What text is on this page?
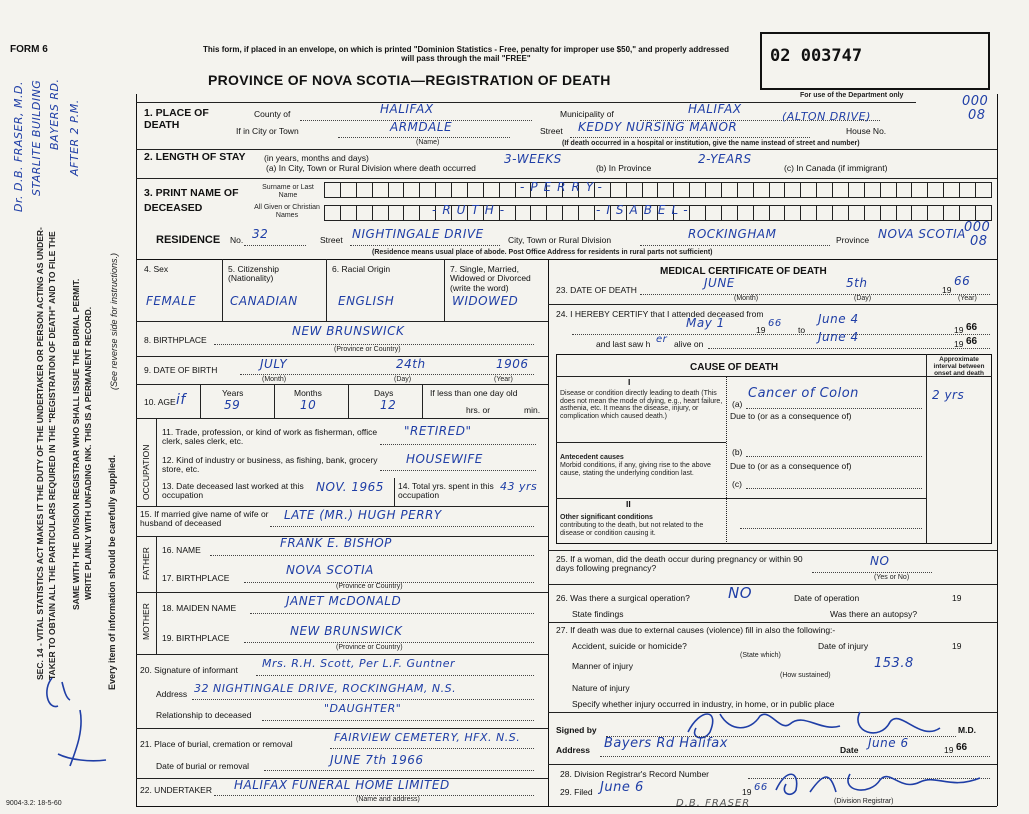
FORM 6
Dr. D.B. FRASER, M.D. STARLITE BUILDING BAYERS RD. AFTER 2 P.M.
SEC. 14 - VITAL STATISTICS ACT MAKES IT THE DUTY OF THE UNDERTAKER OR PERSON ACTING AS UNDER- TAKER TO OBTAIN ALL THE PARTICULARS REQUIRED IN THE "REGISTRATION OF DEATH" AND TO FILE THE SAME WITH THE DIVISION REGISTRAR WHO SHALL ISSUE THE BURIAL PERMIT. WRITE PLAINLY WITH UNFADING INK. THIS IS A PERMANENT RECORD. Every item of information should be carefully supplied.
(See reverse side for instructions.)
9004-3.2: 18-5-60
This form, if placed in an envelope, on which is printed "Dominion Statistics - Free, penalty for improper use $50," and properly addressed will pass through the mail "FREE"
PROVINCE OF NOVA SCOTIA—REGISTRATION OF DEATH
02 003747
For use of the Department only	000
08
000
08
1. PLACE OF DEATH
County of	HALIFAX	Municipality of	HALIFAX
If in City or Town	ARMDALE
(Name)
Street KEDDY NURSING MANOR
(ALTON DRIVE)
House No.
(If death occurred in a hospital or institution, give the name instead of street and number)
2. LENGTH OF STAY (in years, months and days)
(a) In City, Town or Rural Division where death occurred
3-WEEKS
(b) In Province
2-YEARS
(c) In Canada (if immigrant)
3. PRINT NAME OF DECEASED
Surname or Last Name
All Given or Christian Names
-PERRY-
-RUTH-	-ISABEL-
RESIDENCE No. 32	Street NIGHTINGALE DRIVE	City, Town or Rural Division	ROCKINGHAM	Province NOVA SCOTIA
(Residence means usual place of abode. Post Office Address for residents in rural parts not sufficient)
4. Sex
FEMALE
5. Citizenship (Nationality)
CANADIAN
6. Racial Origin
ENGLISH
7. Single, Married, Widowed or Divorced (write the word)
WIDOWED
8. BIRTHPLACE
NEW BRUNSWICK
(Province or Country)
9. DATE OF BIRTH	JULY	24th	1906
(Month)	(Day)	(Year)
10. AGE if	Years
59
Months
10
Days
12
If less than one day old
hrs. or	min.
OCCUPATION
11. Trade, profession, or kind of work as fisherman, office clerk, sales clerk, etc.
"RETIRED"
12. Kind of industry or business, as fishing, bank, grocery store, etc.
HOUSEWIFE
13. Date deceased last worked at this occupation
NOV. 1965 14. Total yrs. spent in this occupation
43 yrs
15. If married give name of wife or husband of deceased
LATE (MR.) HUGH PERRY
FATHER 16. NAME	FRANK E. BISHOP
17. BIRTHPLACE
NOVA SCOTIA
(Province or Country)
MOTHER 18. MAIDEN NAME	JANET McDONALD
19. BIRTHPLACE	NEW BRUNSWICK
(Province or Country)
20. Signature of informant Mrs. R.H. Scott, Per L.F. Guntner
Address 32 NIGHTINGALE DRIVE, ROCKINGHAM, N.S.
Relationship to deceased	"DAUGHTER"
21. Place of burial, cremation or removal	FAIRVIEW CEMETERY, HFX. N.S.
Date of burial or removal	JUNE 7th 1966
22. UNDERTAKER HALIFAX FUNERAL HOME LIMITED
(Name and address)
MEDICAL CERTIFICATE OF DEATH
23. DATE OF DEATH	JUNE	5th	19
66
(Month)	(Day)	(Year)
24. I HEREBY CERTIFY that I attended deceased from
May 1	19
66
to
June 4
19 66
and last saw h er alive on	June 4	19 66
CAUSE OF DEATH
Approximate interval between onset and death
I
Disease or condition directly leading to death (This does not mean the mode of dying, e.g., heart failure, asthenia, etc. It means the disease, injury, or complication which caused death.)
(a)
Cancer of Colon	2 yrs
Due to (or as a consequence of)
Antecedent causes
Morbid conditions, if any, giving rise to the above cause, stating the underlying condition last.
(b)
Due to (or as a consequence of)
(c)
II
Other significant conditions
contributing to the death, but not related to the disease or condition causing it.
25. If a woman, did the death occur during pregnancy or within 90 days following pregnancy?
NO
(Yes or No)
26. Was there a surgical operation?	NO	Date of operation	19
State findings	Was there an autopsy?
27. If death was due to external causes (violence) fill in also the following:-
Accident, suicide or homicide?	Date of injury	19
(State which)
Manner of injury	153.8
(How sustained)
Nature of injury
Specify whether injury occurred in industry, in home, or in public place
Signed by	M.D.
Address Bayers Rd Halifax	Date June 6	19 66
28. Division Registrar's Record Number
29. Filed June 6	19 66
(Division Registrar)
D.B. FRASER
